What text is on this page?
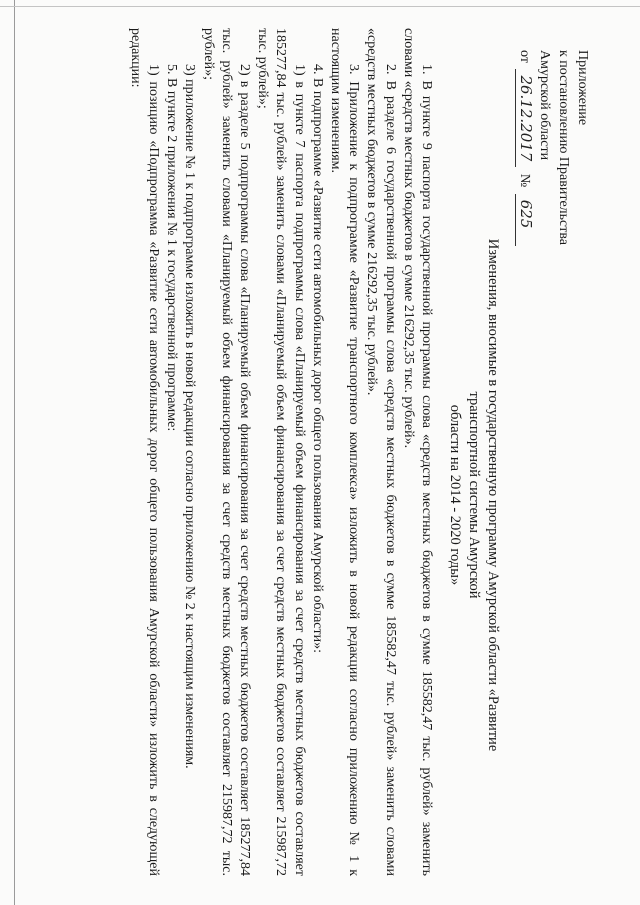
Приложение
к постановлению Правительства
Амурской области
от 26.12.2017 № 625
Изменения, вносимые в государственную программу Амурской области «Развитие транспортной системы Амурской
области на 2014 - 2020 годы»

1. В пункте 9 паспорта государственной программы слова «средств местных бюджетов в сумме 185582,47 тыс. рублей» заменить словами «средств местных бюджетов в сумме 216292,35 тыс. рублей».

2. В разделе 6 государственной программы слова «средств местных бюджетов в сумме 185582,47 тыс. рублей» заменить словами «средств местных бюджетов в сумме 216292,35 тыс. рублей».

3. Приложение к подпрограмме «Развитие транспортного комплекса» изложить в новой редакции согласно приложению № 1 к настоящим изменениям.

4. В подпрограмме «Развитие сети автомобильных дорог общего пользования Амурской области»:

1) в пункте 7 паспорта подпрограммы слова «Планируемый объем финансирования за счет средств местных бюджетов составляет 185277,84 тыс. рублей» заменить словами «Планируемый объем финансирования за счет средств местных бюджетов составляет 215987,72 тыс. рублей»;

2) в разделе 5 подпрограммы слова «Планируемый объем финансирования за счет средств местных бюджетов составляет 185277,84 тыс. рублей» заменить словами «Планируемый объем финансирования за счет средств местных бюджетов составляет 215987,72 тыс. рублей»;

3) приложение № 1 к подпрограмме изложить в новой редакции согласно приложению № 2 к настоящим изменениям.

5. В пункте 2 приложения № 1 к государственной программе:

1) позицию «Подпрограмма «Развитие сети автомобильных дорог общего пользования Амурской области» изложить в следующей редакции:
